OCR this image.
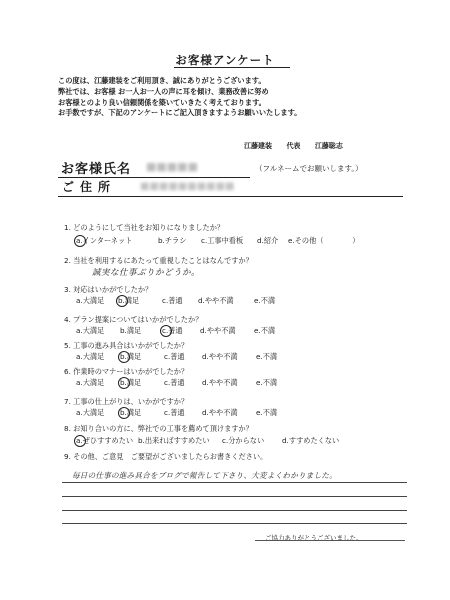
お客様アンケート
この度は、江藤建装をご利用頂き、誠にありがとうございます。
弊社では、お客様 お一人お一人の声に耳を傾け、業務改善に努め
お客様とのより良い信頼関係を築いていきたく考えております。
お手数ですが、下記のアンケートにご記入頂きますようお願いいたします。
江藤建装 代表 江藤聡志
お客様氏名 ■■■■■	（フルネームでお願いします。）
ご住所 ■■■■■■■■■■
1. どのようにして当社をお知りになりましたか？
a.インターネット	b.チラシ c.工事中看板 d.紹介 e.その他（　　　　）
2. 当社を利用するにあたって重視したことはなんですか？
誠実な仕事ぶりかどうか。
3. 対応はいかがでしたか？
a.大満足 b.満足	c.普通 d.やや不満	e.不満
4. プラン提案についてはいかがでしたか？
a.大満足 b.満足	c.普通 d.やや不満	e.不満
5. 工事の進み具合はいかがでしたか？
a.大満足 b.満足	c.普通 d.やや不満	e.不満
6. 作業時のマナーはいかがでしたか？
a.大満足 b.満足	c.普通 d.やや不満	e.不満
7. 工事の仕上がりは、いかがですか？
a.大満足 b.満足	c.普通 d.やや不満	e.不満
8. お知り合いの方に、弊社での工事を薦めて頂けますか？
a.ぜひすすめたい b.出来ればすすめたい c.分からない d.すすめたくない
9. その他、ご意見　ご要望がございましたらお書きください。
毎日の仕事の進み具合をブログで報告して下さり、大変よくわかりました。
ご協力ありがとうございました。
